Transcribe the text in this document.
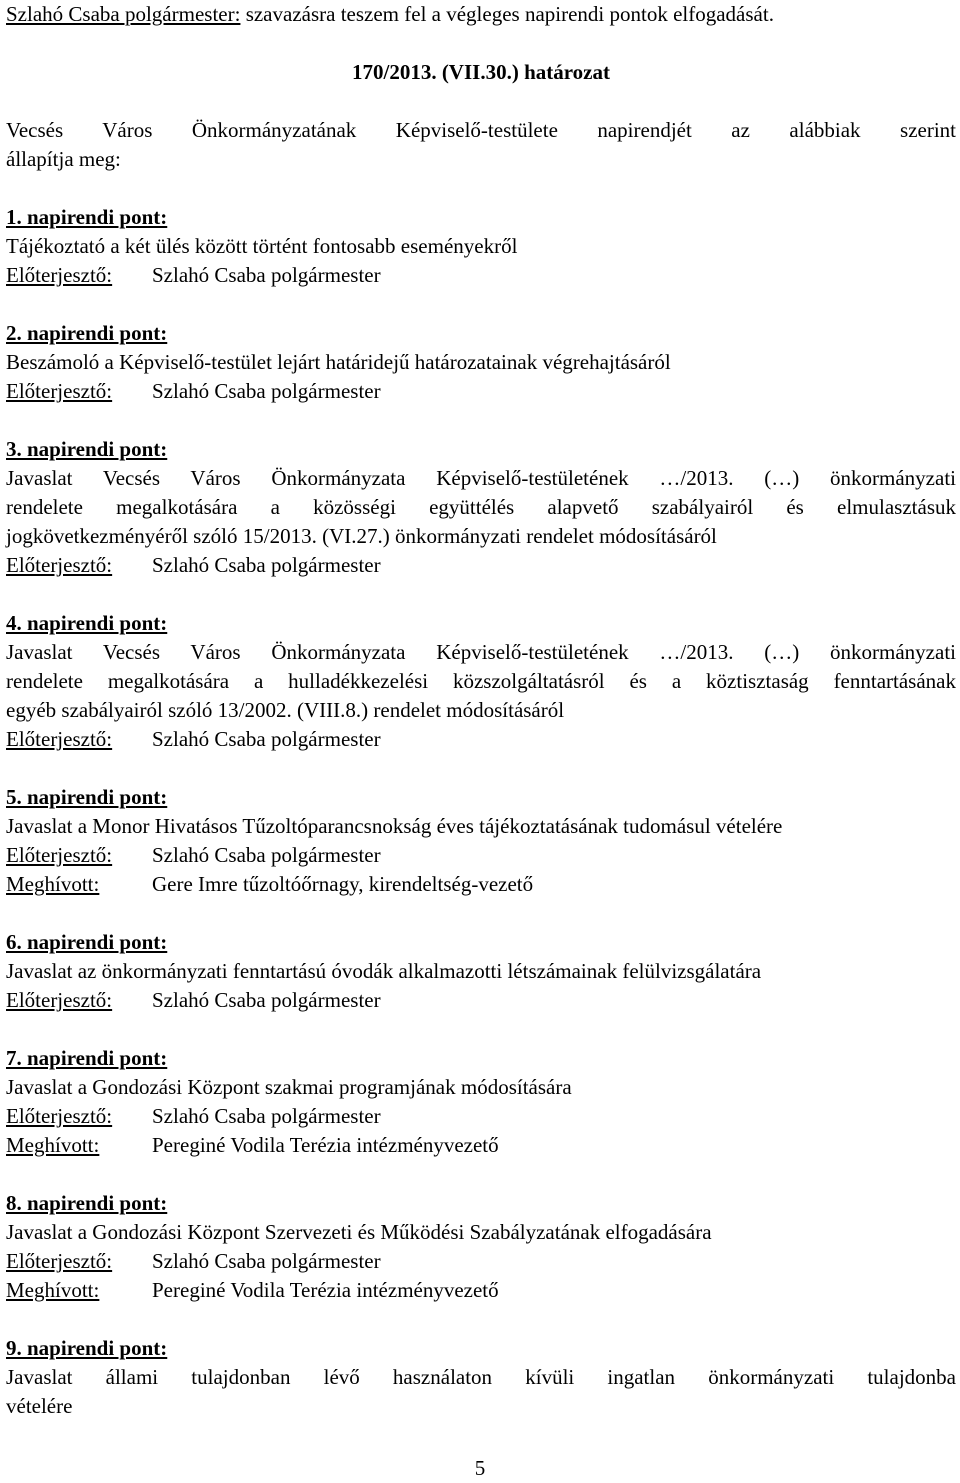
Szlahó Csaba polgármester: szavazásra teszem fel a végleges napirendi pontok elfogadását.
170/2013. (VII.30.) határozat
Vecsés Város Önkormányzatának Képviselő-testülete napirendjét az alábbiak szerint
állapítja meg:
1. napirendi pont:
Tájékoztató a két ülés között történt fontosabb eseményekről
Előterjesztő: Szlahó Csaba polgármester
2. napirendi pont:
Beszámoló a Képviselő-testület lejárt határidejű határozatainak végrehajtásáról
Előterjesztő: Szlahó Csaba polgármester
3. napirendi pont:
Javaslat Vecsés Város Önkormányzata Képviselő-testületének …/2013. (…) önkormányzati
rendelete megalkotására a közösségi együttélés alapvető szabályairól és elmulasztásuk
jogkövetkezményéről szóló 15/2013. (VI.27.) önkormányzati rendelet módosításáról
Előterjesztő: Szlahó Csaba polgármester
4. napirendi pont:
Javaslat Vecsés Város Önkormányzata Képviselő-testületének …/2013. (…) önkormányzati
rendelete megalkotására a hulladékkezelési közszolgáltatásról és a köztisztaság fenntartásának
egyéb szabályairól szóló 13/2002. (VIII.8.) rendelet módosításáról
Előterjesztő: Szlahó Csaba polgármester
5. napirendi pont:
Javaslat a Monor Hivatásos Tűzoltóparancsnokság éves tájékoztatásának tudomásul vételére
Előterjesztő: Szlahó Csaba polgármester
Meghívott:	Gere Imre tűzoltóőrnagy, kirendeltség-vezető
6. napirendi pont:
Javaslat az önkormányzati fenntartású óvodák alkalmazotti létszámainak felülvizsgálatára
Előterjesztő: Szlahó Csaba polgármester
7. napirendi pont:
Javaslat a Gondozási Központ szakmai programjának módosítására
Előterjesztő: Szlahó Csaba polgármester
Meghívott:	Pereginé Vodila Terézia intézményvezető
8. napirendi pont:
Javaslat a Gondozási Központ Szervezeti és Működési Szabályzatának elfogadására
Előterjesztő: Szlahó Csaba polgármester
Meghívott:	Pereginé Vodila Terézia intézményvezető
9. napirendi pont:
Javaslat állami tulajdonban lévő használaton kívüli ingatlan önkormányzati tulajdonba
vételére
5
